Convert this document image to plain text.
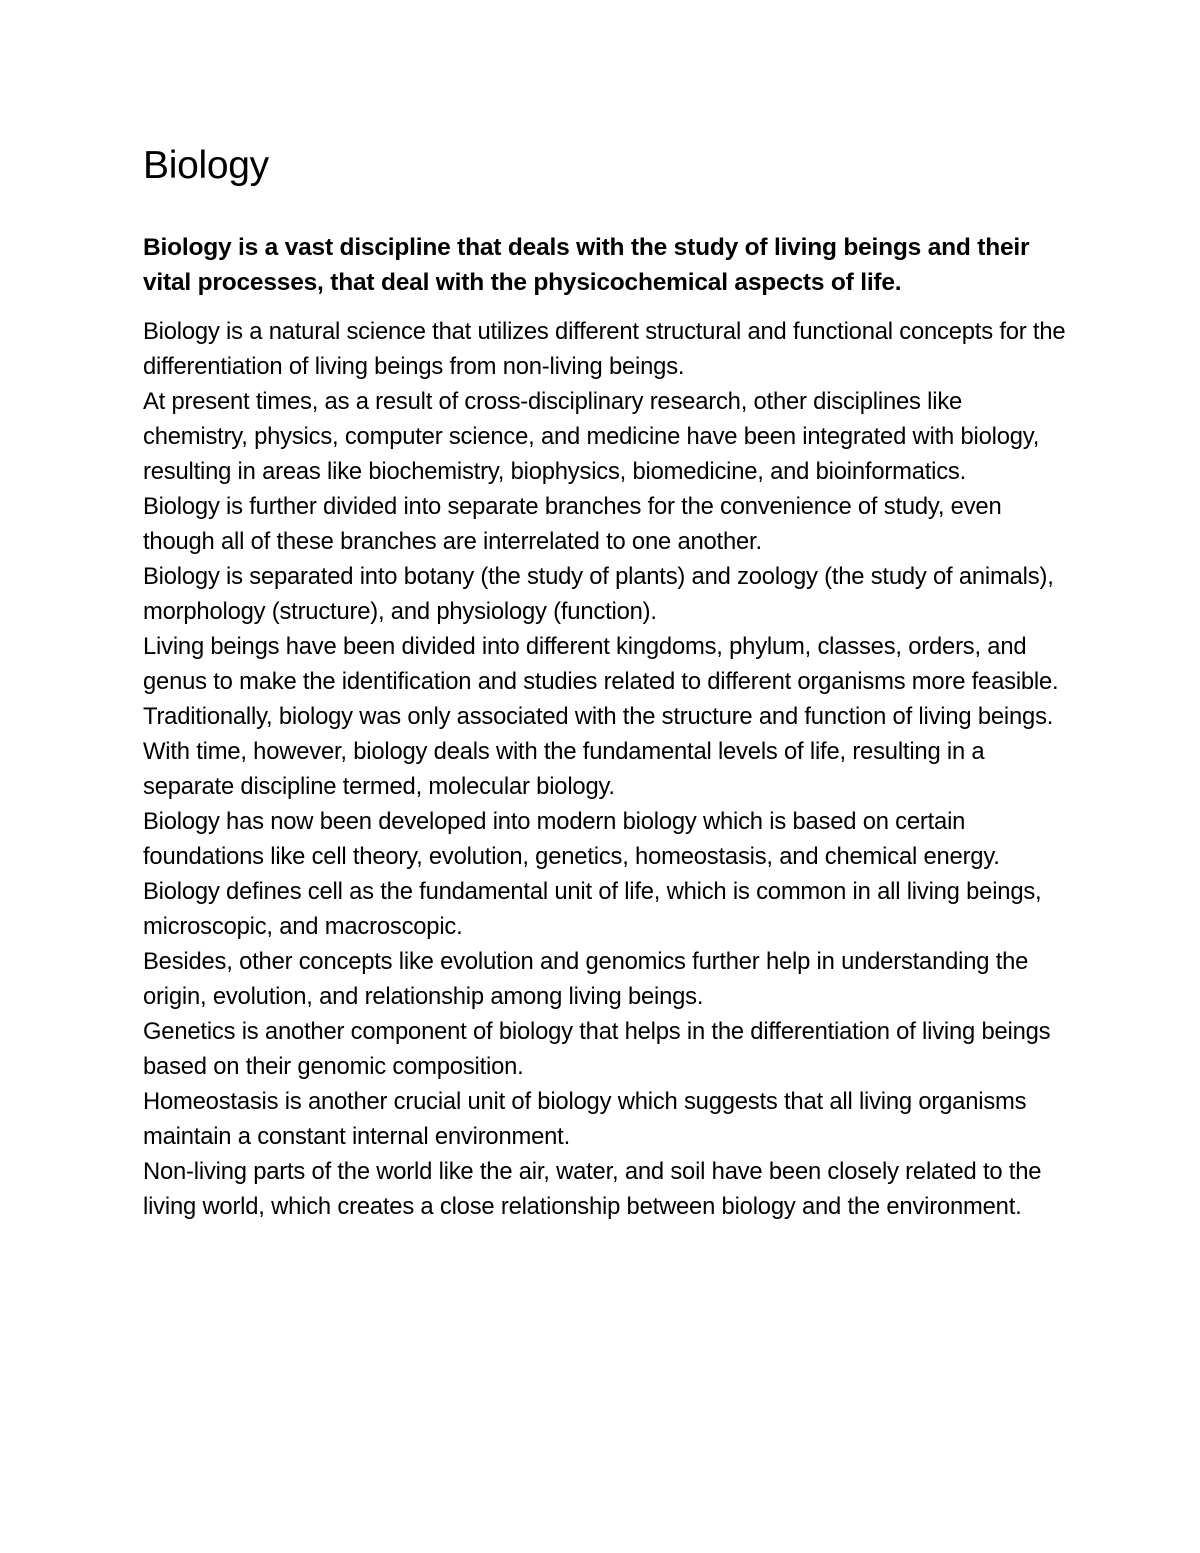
Biology

Biology is a vast discipline that deals with the study of living beings and their vital processes, that deal with the physicochemical aspects of life.

Biology is a natural science that utilizes different structural and functional concepts for the differentiation of living beings from non-living beings.

At present times, as a result of cross-disciplinary research, other disciplines like chemistry, physics, computer science, and medicine have been integrated with biology, resulting in areas like biochemistry, biophysics, biomedicine, and bioinformatics.

Biology is further divided into separate branches for the convenience of study, even though all of these branches are interrelated to one another.

Biology is separated into botany (the study of plants) and zoology (the study of animals), morphology (structure), and physiology (function).

Living beings have been divided into different kingdoms, phylum, classes, orders, and genus to make the identification and studies related to different organisms more feasible.

Traditionally, biology was only associated with the structure and function of living beings.

With time, however, biology deals with the fundamental levels of life, resulting in a separate discipline termed, molecular biology.

Biology has now been developed into modern biology which is based on certain foundations like cell theory, evolution, genetics, homeostasis, and chemical energy.

Biology defines cell as the fundamental unit of life, which is common in all living beings, microscopic, and macroscopic.

Besides, other concepts like evolution and genomics further help in understanding the origin, evolution, and relationship among living beings.

Genetics is another component of biology that helps in the differentiation of living beings based on their genomic composition.

Homeostasis is another crucial unit of biology which suggests that all living organisms maintain a constant internal environment.

Non-living parts of the world like the air, water, and soil have been closely related to the living world, which creates a close relationship between biology and the environment.
